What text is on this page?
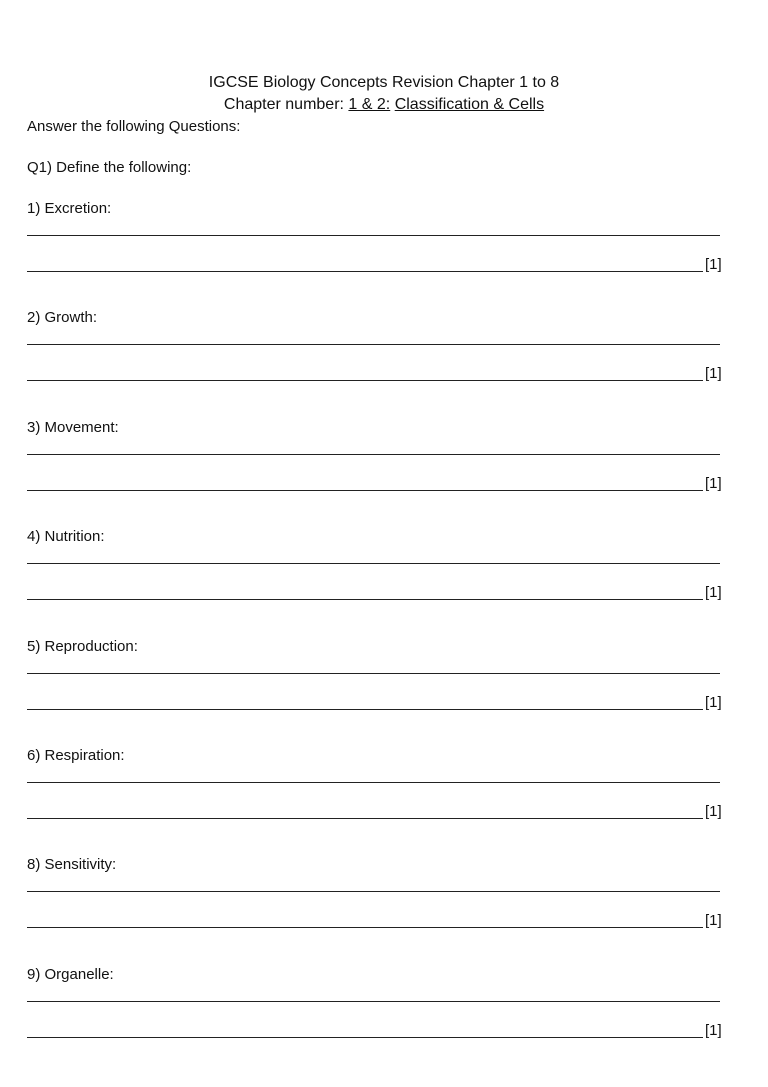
IGCSE Biology Concepts Revision Chapter 1 to 8
Chapter number: 1 & 2: Classification & Cells
Answer the following Questions:
Q1) Define the following:
1) Excretion:
[1]
2) Growth:
[1]
3) Movement:
[1]
4) Nutrition:
[1]
5) Reproduction:
[1]
6) Respiration:
[1]
8) Sensitivity:
[1]
9) Organelle:
[1]
